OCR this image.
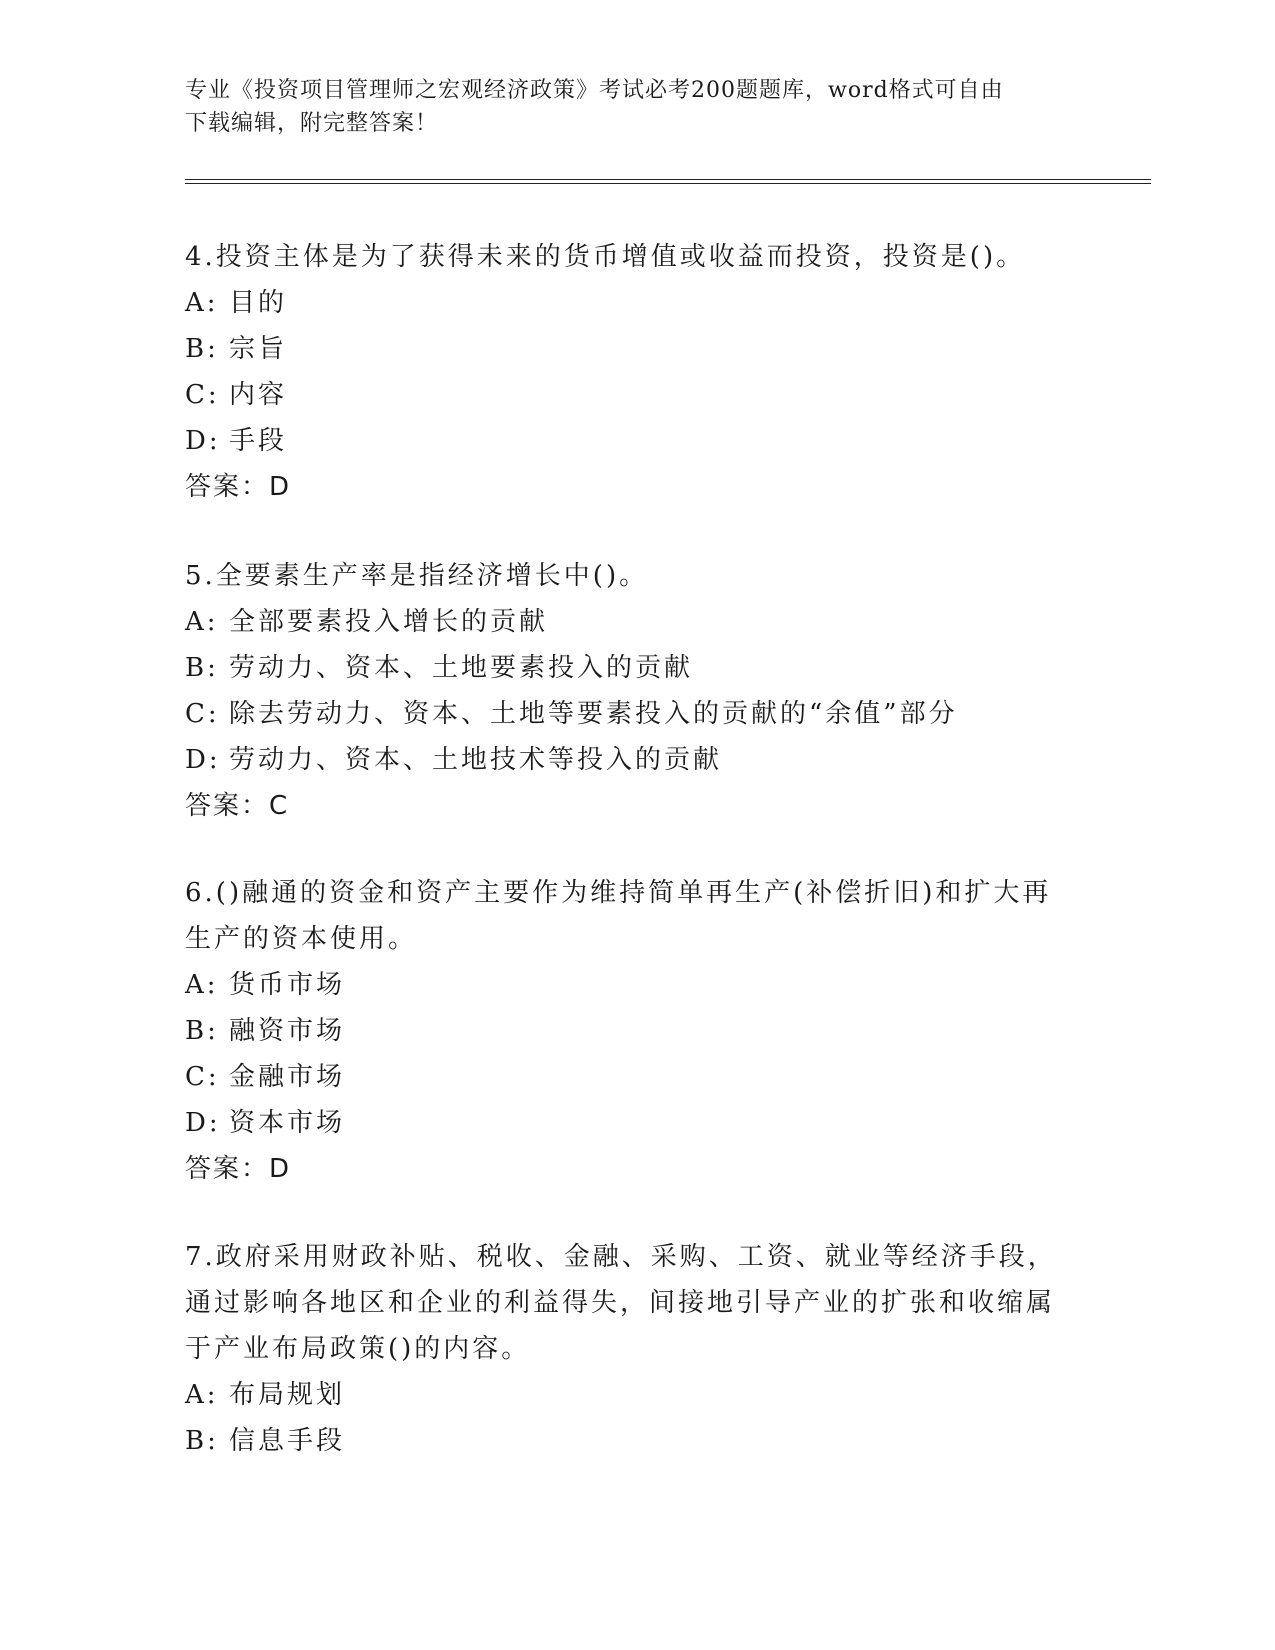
专业《投资项目管理师之宏观经济政策》考试必考200题题库，word格式可自由
下载编辑，附完整答案！

4.投资主体是为了获得未来的货币增值或收益而投资，投资是()。

A: 目的

B: 宗旨

C: 内容

D: 手段

答案：D

5.全要素生产率是指经济增长中()。

A: 全部要素投入增长的贡献

B: 劳动力、资本、土地要素投入的贡献

C: 除去劳动力、资本、土地等要素投入的贡献的“余值”部分

D: 劳动力、资本、土地技术等投入的贡献

答案：C

6.()融通的资金和资产主要作为维持简单再生产(补偿折旧)和扩大再

生产的资本使用。

A: 货币市场

B: 融资市场

C: 金融市场

D: 资本市场

答案：D

7.政府采用财政补贴、税收、金融、采购、工资、就业等经济手段，

通过影响各地区和企业的利益得失，间接地引导产业的扩张和收缩属

于产业布局政策()的内容。

A: 布局规划

B: 信息手段
